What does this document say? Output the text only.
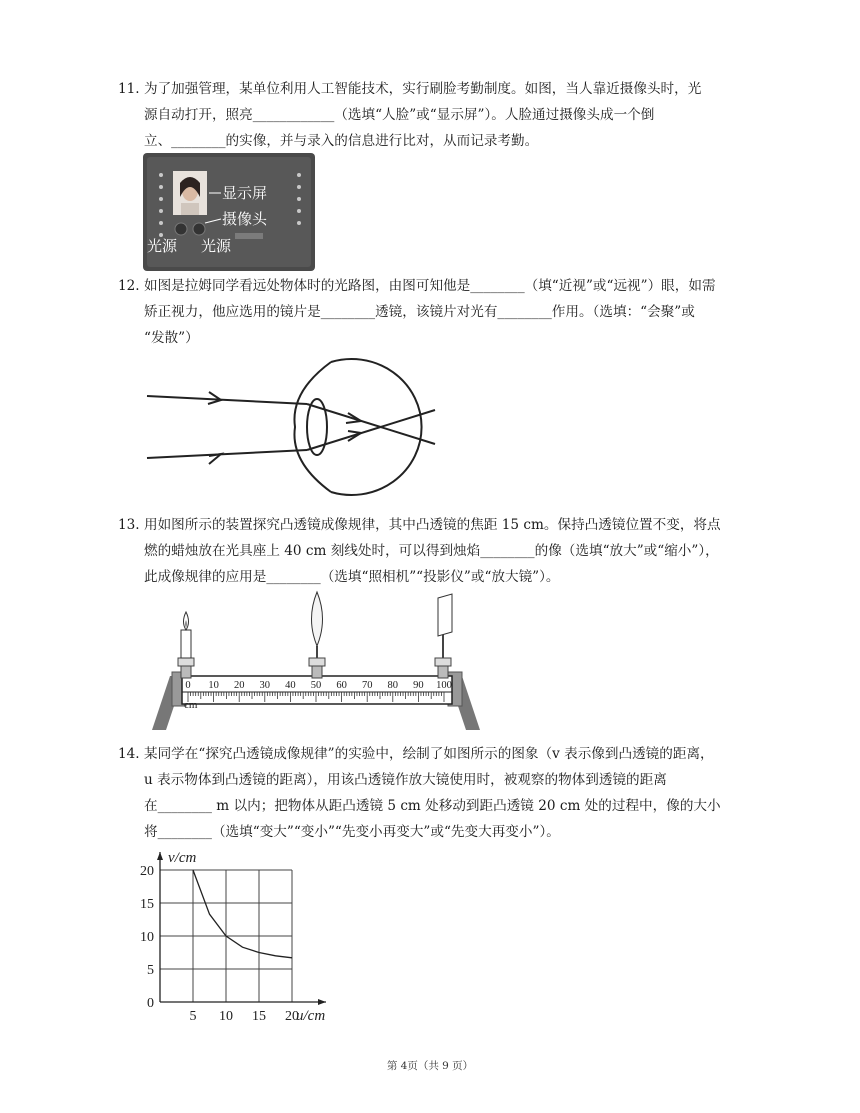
11. 为了加强管理，某单位利用人工智能技术，实行刷脸考勤制度。如图，当人靠近摄像头时，光

源自动打开，照亮____________（选填“人脸”或“显示屏”）。人脸通过摄像头成一个倒

立、________的实像，并与录入的信息进行比对，从而记录考勤。

显示屏
摄像头
光源 光源

12. 如图是拉姆同学看远处物体时的光路图，由图可知他是________（填“近视”或“远视”）眼，如需

矫正视力，他应选用的镜片是________透镜，该镜片对光有________作用。（选填：“会聚”或

“发散”）

13. 用如图所示的装置探究凸透镜成像规律，其中凸透镜的焦距 15 cm。保持凸透镜位置不变，将点

燃的蜡烛放在光具座上 40 cm 刻线处时，可以得到烛焰________的像（选填“放大”或“缩小”），

此成像规律的应用是________（选填“照相机”“投影仪”或“放大镜”）。

0 10 20 30 40 50 60 70 80 90 100
cm

14. 某同学在“探究凸透镜成像规律”的实验中，绘制了如图所示的图象（v 表示像到凸透镜的距离，

u 表示物体到凸透镜的距离），用该凸透镜作放大镜使用时，被观察的物体到透镜的距离

在________ m 以内；把物体从距凸透镜 5 cm 处移动到距凸透镜 20 cm 处的过程中，像的大小

将________（选填“变大”“变小”“先变小再变大”或“先变大再变小”）。

5 10 15 20
0
5
10
15
20
v/cm
u/cm
第 4页（共 9 页）
